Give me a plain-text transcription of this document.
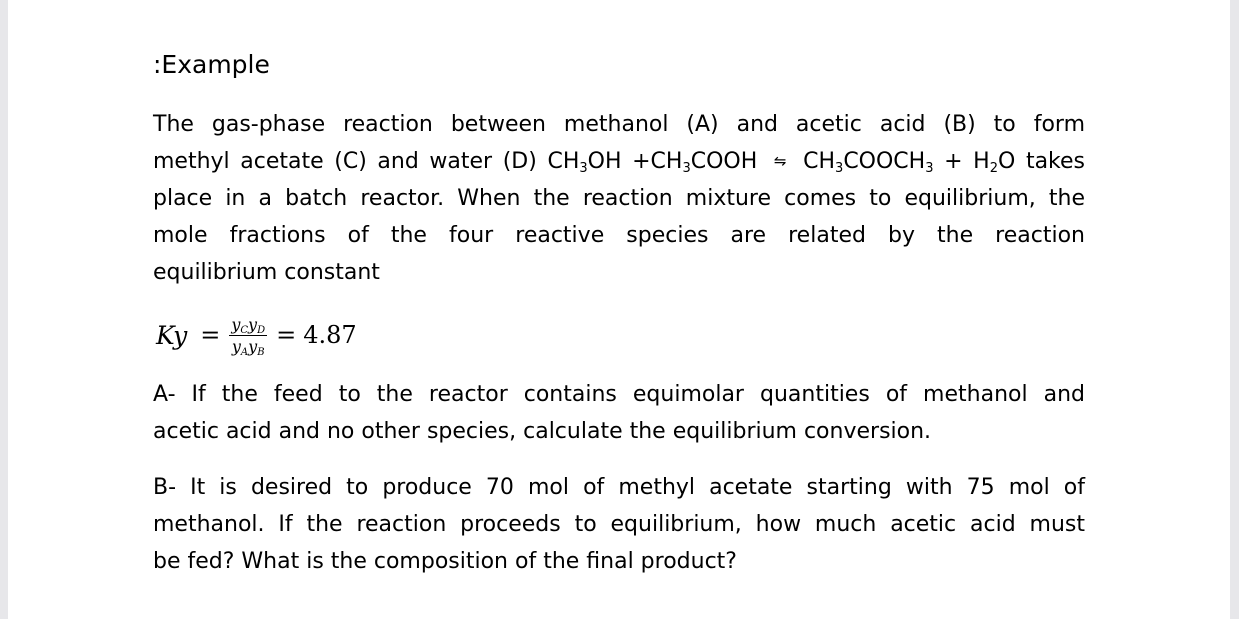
:Example
The gas-phase reaction between methanol (A) and acetic acid (B) to form
methyl acetate (C) and water (D) $CH_3OH$ $+CH_3COOH$ ⇋ $CH_3COOCH_3 + H_2O$ takes
place in a batch reactor. When the reaction mixture comes to equilibrium, the
mole fractions of the four reactive species are related by the reaction
equilibrium constant
$Ky = \frac{y_Cy_D}{y_Ay_B} = 4.87$
A- If the feed to the reactor contains equimolar quantities of methanol and
acetic acid and no other species, calculate the equilibrium conversion.
B- It is desired to produce 70 mol of methyl acetate starting with 75 mol of
methanol. If the reaction proceeds to equilibrium, how much acetic acid must
be fed? What is the composition of the final product?
